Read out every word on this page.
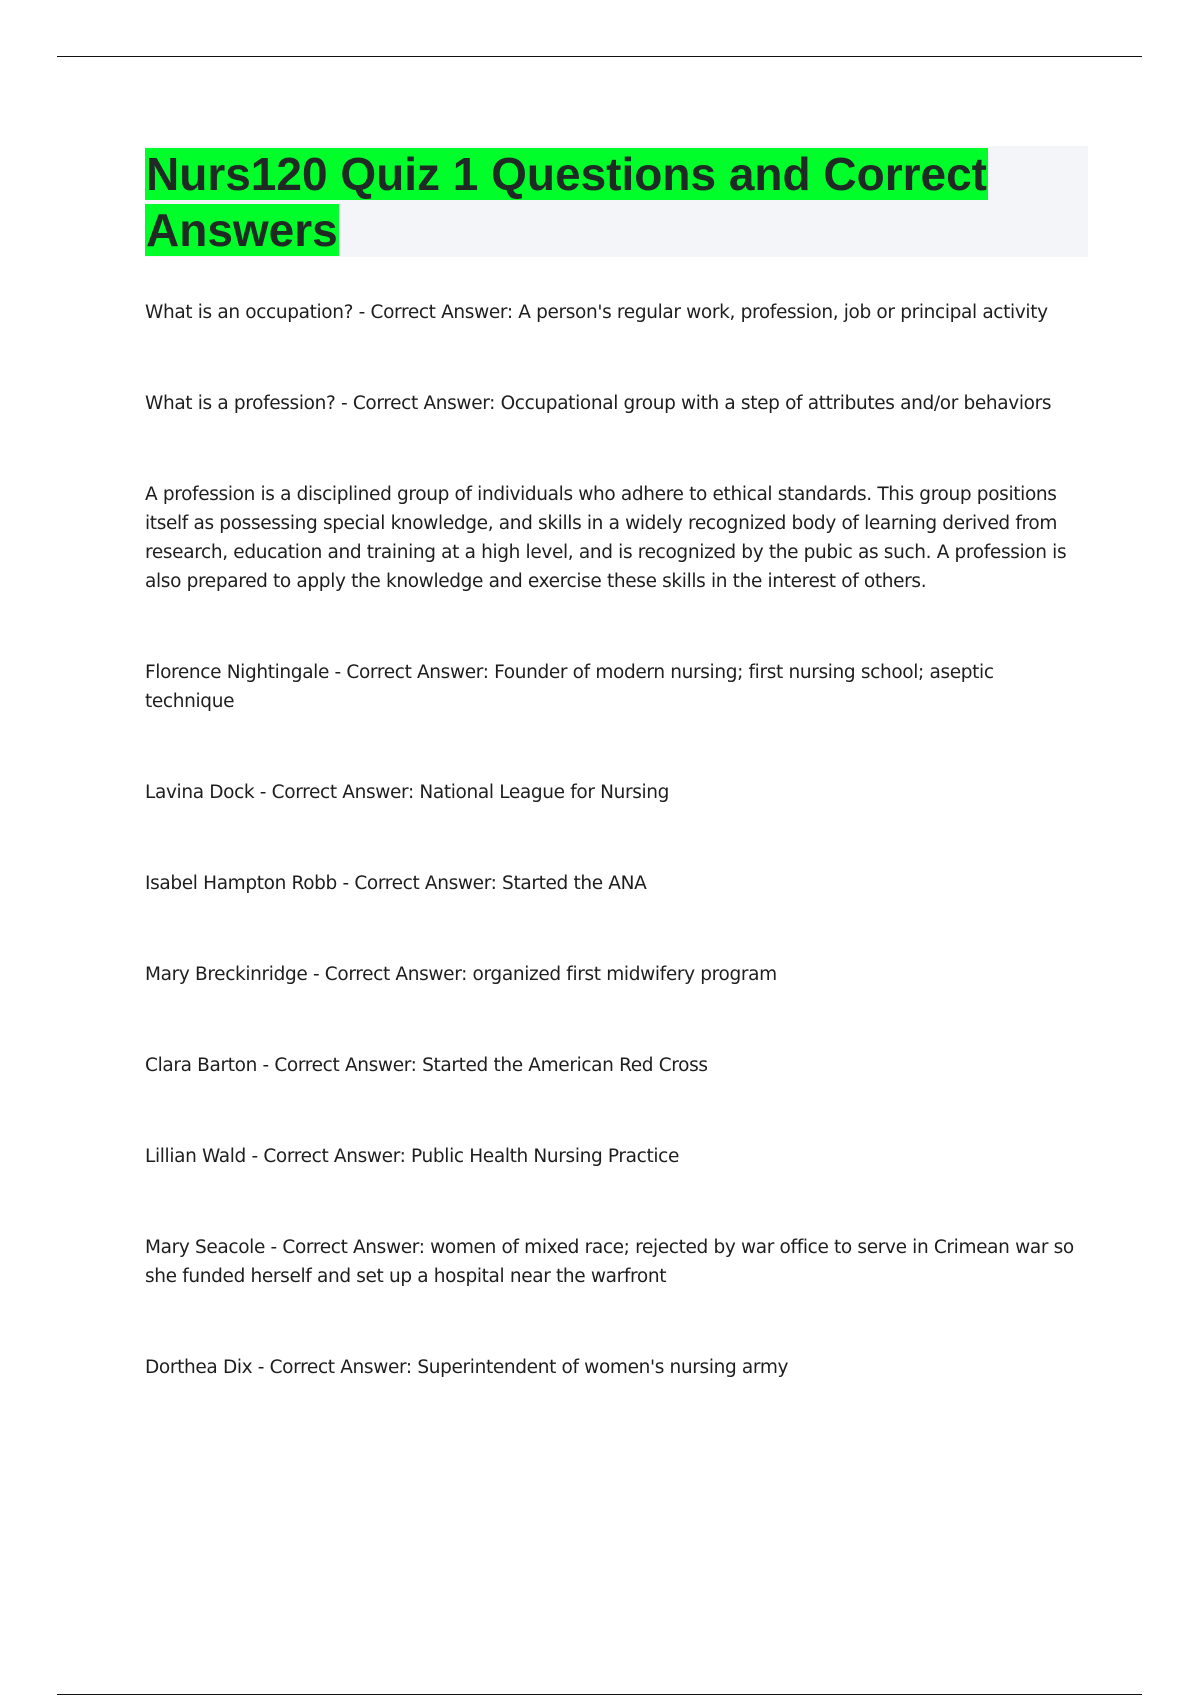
Nurs120 Quiz 1 Questions and Correct Answers

What is an occupation? - Correct Answer: A person's regular work, profession, job or principal activity

What is a profession? - Correct Answer: Occupational group with a step of attributes and/or behaviors

A profession is a disciplined group of individuals who adhere to ethical standards. This group positions itself as possessing special knowledge, and skills in a widely recognized body of learning derived from research, education and training at a high level, and is recognized by the pubic as such. A profession is also prepared to apply the knowledge and exercise these skills in the interest of others.

Florence Nightingale - Correct Answer: Founder of modern nursing; first nursing school; aseptic technique

Lavina Dock - Correct Answer: National League for Nursing

Isabel Hampton Robb - Correct Answer: Started the ANA

Mary Breckinridge - Correct Answer: organized first midwifery program

Clara Barton - Correct Answer: Started the American Red Cross

Lillian Wald - Correct Answer: Public Health Nursing Practice

Mary Seacole - Correct Answer: women of mixed race; rejected by war office to serve in Crimean war so she funded herself and set up a hospital near the warfront

Dorthea Dix - Correct Answer: Superintendent of women's nursing army
